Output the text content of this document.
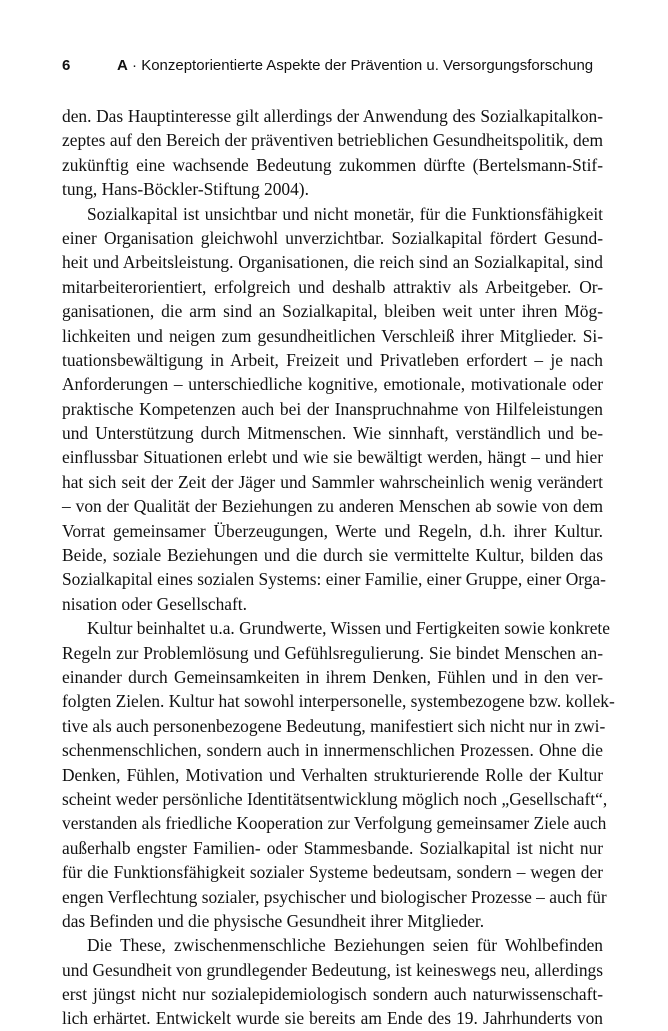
6	A · Konzeptorientierte Aspekte der Prävention u. Versorgungsforschung
den. Das Hauptinteresse gilt allerdings der Anwendung des Sozialkapitalkon-
zeptes auf den Bereich der präventiven betrieblichen Gesundheitspolitik, dem
zukünftig eine wachsende Bedeutung zukommen dürfte (Bertelsmann-Stif-
tung, Hans-Böckler-Stiftung 2004).
Sozialkapital ist unsichtbar und nicht monetär, für die Funktionsfähigkeit
einer Organisation gleichwohl unverzichtbar. Sozialkapital fördert Gesund-
heit und Arbeitsleistung. Organisationen, die reich sind an Sozialkapital, sind
mitarbeiterorientiert, erfolgreich und deshalb attraktiv als Arbeitgeber. Or-
ganisationen, die arm sind an Sozialkapital, bleiben weit unter ihren Mög-
lichkeiten und neigen zum gesundheitlichen Verschleiß ihrer Mitglieder. Si-
tuationsbewältigung in Arbeit, Freizeit und Privatleben erfordert – je nach
Anforderungen – unterschiedliche kognitive, emotionale, motivationale oder
praktische Kompetenzen auch bei der Inanspruchnahme von Hilfeleistungen
und Unterstützung durch Mitmenschen. Wie sinnhaft, verständlich und be-
einflussbar Situationen erlebt und wie sie bewältigt werden, hängt – und hier
hat sich seit der Zeit der Jäger und Sammler wahrscheinlich wenig verändert
– von der Qualität der Beziehungen zu anderen Menschen ab sowie von dem
Vorrat gemeinsamer Überzeugungen, Werte und Regeln, d.h. ihrer Kultur.
Beide, soziale Beziehungen und die durch sie vermittelte Kultur, bilden das
Sozialkapital eines sozialen Systems: einer Familie, einer Gruppe, einer Orga-
nisation oder Gesellschaft.
Kultur beinhaltet u.a. Grundwerte, Wissen und Fertigkeiten sowie konkrete
Regeln zur Problemlösung und Gefühlsregulierung. Sie bindet Menschen an-
einander durch Gemeinsamkeiten in ihrem Denken, Fühlen und in den ver-
folgten Zielen. Kultur hat sowohl interpersonelle, systembezogene bzw. kollek-
tive als auch personenbezogene Bedeutung, manifestiert sich nicht nur in zwi-
schenmenschlichen, sondern auch in innermenschlichen Prozessen. Ohne die
Denken, Fühlen, Motivation und Verhalten strukturierende Rolle der Kultur
scheint weder persönliche Identitätsentwicklung möglich noch „Gesellschaft“,
verstanden als friedliche Kooperation zur Verfolgung gemeinsamer Ziele auch
außerhalb engster Familien- oder Stammesbande. Sozialkapital ist nicht nur
für die Funktionsfähigkeit sozialer Systeme bedeutsam, sondern – wegen der
engen Verflechtung sozialer, psychischer und biologischer Prozesse – auch für
das Befinden und die physische Gesundheit ihrer Mitglieder.
Die These, zwischenmenschliche Beziehungen seien für Wohlbefinden
und Gesundheit von grundlegender Bedeutung, ist keineswegs neu, allerdings
erst jüngst nicht nur sozialepidemiologisch sondern auch naturwissenschaft-
lich erhärtet. Entwickelt wurde sie bereits am Ende des 19. Jahrhunderts von
